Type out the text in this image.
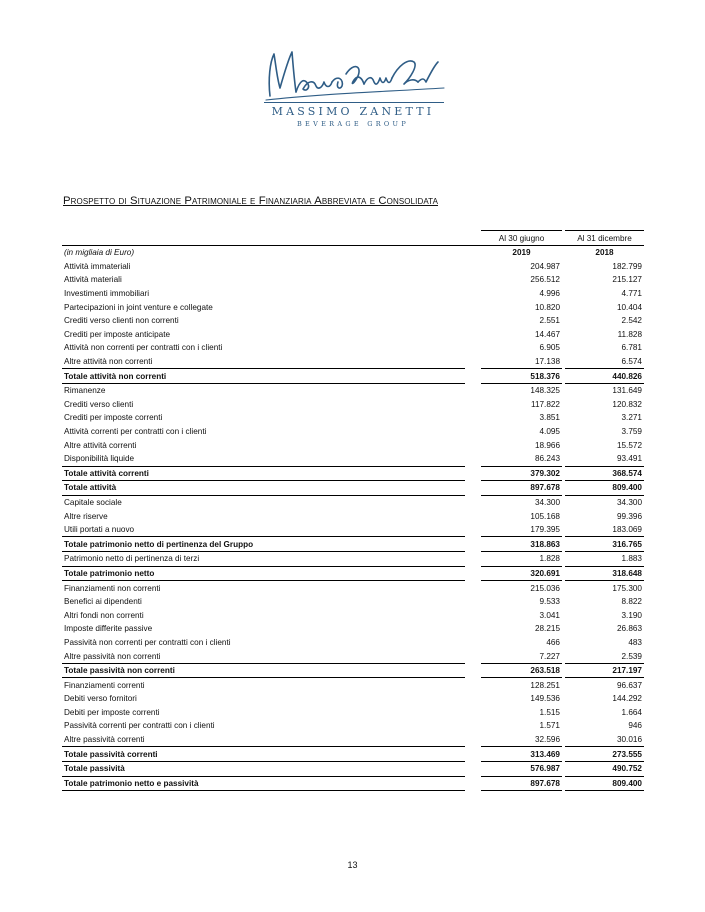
MASSIMO ZANETTI
BEVERAGE GROUP
Prospetto di Situazione Patrimoniale e Finanziaria Abbreviata e Consolidata
		Al 30 giugno		Al 31 dicembre
(in migliaia di Euro)		2019		2018
Attività immateriali		204.987		182.799
Attività materiali		256.512		215.127
Investimenti immobiliari		4.996		4.771
Partecipazioni in joint venture e collegate		10.820		10.404
Crediti verso clienti non correnti		2.551		2.542
Crediti per imposte anticipate		14.467		11.828
Attività non correnti per contratti con i clienti		6.905		6.781
Altre attività non correnti		17.138		6.574
Totale attività non correnti		518.376		440.826
Rimanenze		148.325		131.649
Crediti verso clienti		117.822		120.832
Crediti per imposte correnti		3.851		3.271
Attività correnti per contratti con i clienti		4.095		3.759
Altre attività correnti		18.966		15.572
Disponibilità liquide		86.243		93.491
Totale attività correnti		379.302		368.574
Totale attività		897.678		809.400
Capitale sociale		34.300		34.300
Altre riserve		105.168		99.396
Utili portati a nuovo		179.395		183.069
Totale patrimonio netto di pertinenza del Gruppo		318.863		316.765
Patrimonio netto di pertinenza di terzi		1.828		1.883
Totale patrimonio netto		320.691		318.648
Finanziamenti non correnti		215.036		175.300
Benefici ai dipendenti		9.533		8.822
Altri fondi non correnti		3.041		3.190
Imposte differite passive		28.215		26.863
Passività non correnti per contratti con i clienti		466		483
Altre passività non correnti		7.227		2.539
Totale passività non correnti		263.518		217.197
Finanziamenti correnti		128.251		96.637
Debiti verso fornitori		149.536		144.292
Debiti per imposte correnti		1.515		1.664
Passività correnti per contratti con i clienti		1.571		946
Altre passività correnti		32.596		30.016
Totale passività correnti		313.469		273.555
Totale passività		576.987		490.752
Totale patrimonio netto e passività		897.678		809.400
13
